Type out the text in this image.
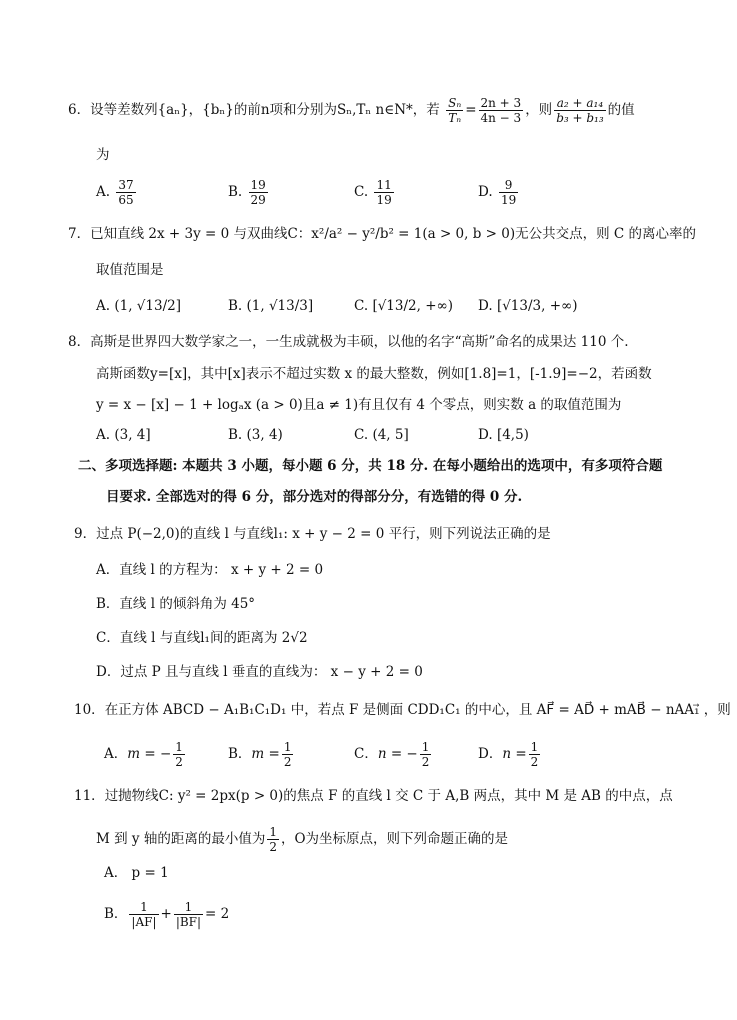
6．设等差数列{aₙ}，{bₙ}的前n项和分别为Sₙ,Tₙ n∈N*，若 $\frac{\text{Sₙ}}{\text{Tₙ}} = \frac{2n + 3}{4n - 3}$ ，则 $\frac{\text{a₂ + a₁₄}}{\text{b₃ + b₁₃}}$ 的值
为
A. $\frac{37}{65}$	B. $\frac{19}{29}$	C. $\frac{11}{19}$	D. $\frac{9}{19}$
7．已知直线 2x + 3y = 0 与双曲线C：x²/a² − y²/b² = 1(a > 0, b > 0)无公共交点，则 C 的离心率的
取值范围是
A. (1, √13/2]	B. (1, √13/3]	C. [√13/2, +∞) D. [√13/3, +∞)
8．高斯是世界四大数学家之一，一生成就极为丰硕，以他的名字“高斯”命名的成果达 110 个.
高斯函数y=[x]，其中[x]表示不超过实数 x 的最大整数，例如[1.8]=1，[-1.9]=−2，若函数
y = x − [x] − 1 + logₐx (a > 0)且a ≠ 1)有且仅有 4 个零点，则实数 a 的取值范围为
A. (3, 4]	B. (3, 4)	C. (4, 5]	D. [4,5)
二、多项选择题: 本题共 3 小题，每小题 6 分，共 18 分. 在每小题给出的选项中，有多项符合题
目要求. 全部选对的得 6 分，部分选对的得部分分，有选错的得 0 分.
9．过点 P(−2,0)的直线 l 与直线l₁: x + y − 2 = 0 平行，则下列说法正确的是
A．直线 l 的方程为： x + y + 2 = 0
B．直线 l 的倾斜角为 45°
C．直线 l 与直线l₁间的距离为 2√2
D．过点 P 且与直线 l 垂直的直线为： x − y + 2 = 0
10．在正方体 ABCD − A₁B₁C₁D₁ 中，若点 F 是侧面 CDD₁C₁ 的中心，且 AF⃗ = AD⃗ + mAB⃗ − nAA₁⃗ ，则
A．m = − $\frac{1}{2}$	B．$m = \frac{1}{2}$	C．n = − $\frac{1}{2}$	D．$n = \frac{1}{2}$
11．过抛物线C: y² = 2px(p > 0)的焦点 F 的直线 l 交 C 于 A,B 两点，其中 M 是 AB 的中点，点
M 到 y 轴的距离的最小值为 $\frac{1}{2}$ ，O为坐标原点，则下列命题正确的是
A． p = 1
B． $\frac{1}{|AF|} + \frac{1}{|BF|} = 2$
